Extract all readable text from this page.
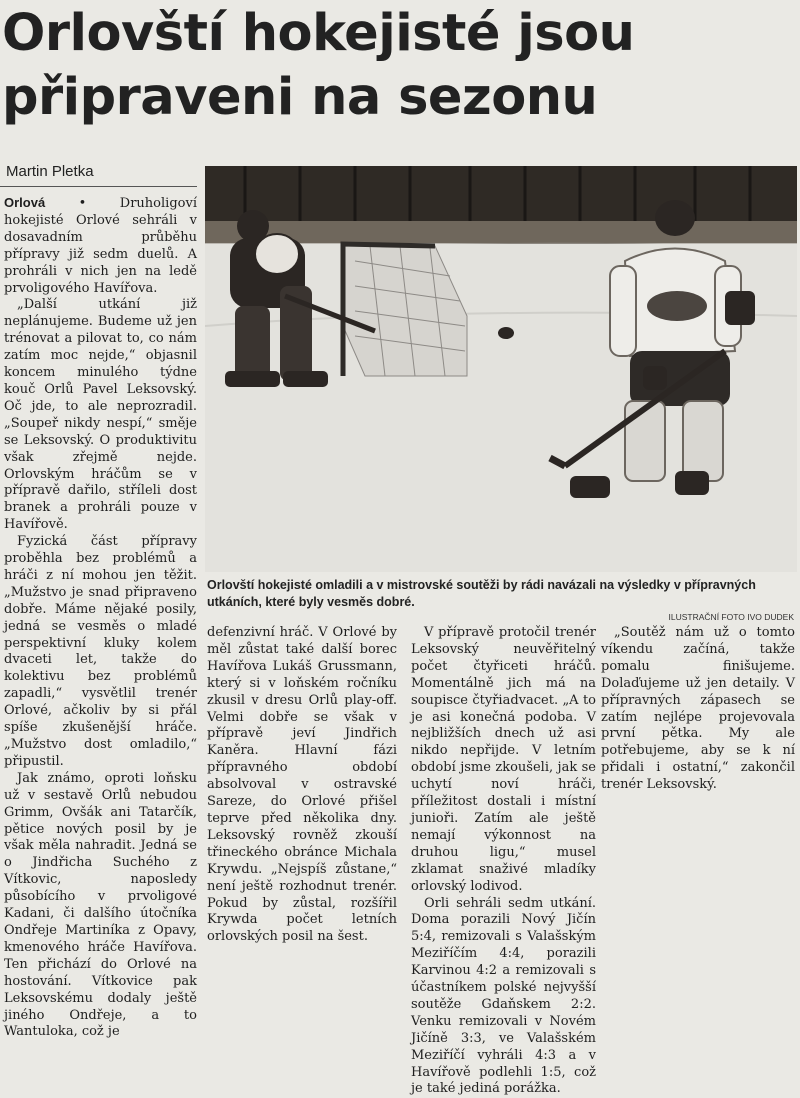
Orlovští hokejisté jsou připraveni na sezonu
Martin Pletka
Orlovští hokejisté omladili a v mistrovské soutěži by rádi navázali na výsledky v přípravných utkáních, které byly vesměs dobré.
ILUSTRAČNÍ FOTO IVO DUDEK

Orlová	•	Druholigoví hokejisté Orlové sehráli v dosavadním průběhu přípravy již sedm duelů. A prohráli v nich jen na ledě prvoligového Havířova.

„Další utkání již neplánujeme. Budeme už jen trénovat a pilovat to, co nám zatím moc nejde,“ objasnil koncem minulého týdne kouč Orlů Pavel Leksovský. Oč jde, to ale neprozradil. „Soupeř nikdy nespí,“ směje se Leksovský. O produktivitu však zřejmě nejde. Orlovským hráčům se v přípravě dařilo, stříleli dost branek a prohráli pouze v Havířově.

Fyzická část přípravy proběhla bez problémů a hráči z ní mohou jen těžit. „Mužstvo je snad připraveno dobře. Máme nějaké posily, jedná se vesměs o mladé perspektivní kluky kolem dvaceti let, takže do kolektivu bez problémů zapadli,“ vysvětlil trenér Orlové, ačkoliv by si přál spíše zkušenější hráče. „Mužstvo dost omladilo,“ připustil.

Jak známo, oproti loňsku už v sestavě Orlů nebudou Grimm, Ovšák ani Tatarčík, pětice nových posil by je však měla nahradit. Jedná se o Jindřicha Suchého z Vítkovic, naposledy působícího v prvoligové Kadani, či dalšího útočníka Ondřeje Martiníka z Opavy, kmenového hráče Havířova. Ten přichází do Orlové na hostování. Vítkovice pak Leksovskému dodaly ještě jiného Ondřeje, a to Wantuloka, což je

defenzivní hráč. V Orlové by měl zůstat také další borec Havířova Lukáš Grussmann, který si v loňském ročníku zkusil v dresu Orlů play-off. Velmi dobře se však v přípravě jeví Jindřich Kaněra. Hlavní fázi přípravného období absolvoval v ostravské Sareze, do Orlové přišel teprve před několika dny. Leksovský rovněž zkouší třineckého obránce Michala Krywdu. „Nejspíš zůstane,“ není ještě rozhodnut trenér. Pokud by zůstal, rozšířil Krywda počet letních orlovských posil na šest.

V přípravě protočil trenér Leksovský neuvěřitelný počet čtyřiceti hráčů. Momentálně jich má na soupisce čtyřiadvacet. „A to je asi konečná podoba. V nejbližších dnech už asi nikdo nepřijde. V letním období jsme zkoušeli, jak se uchytí noví hráči, příležitost dostali i místní junioři. Zatím ale ještě nemají výkonnost na druhou ligu,“ musel zklamat snaživé mladíky orlovský lodivod.

Orli sehráli sedm utkání. Doma porazili Nový Jičín 5:4, remizovali s Valašským Meziříčím 4:4, porazili Karvinou 4:2 a remizovali s účastníkem polské nejvyšší soutěže Gdaňskem 2:2. Venku remizovali v Novém Jičíně 3:3, ve Valašském Meziříčí vyhráli 4:3 a v Havířově podlehli 1:5, což je také jediná porážka.

„Soutěž nám už o tomto víkendu začíná, takže pomalu finišujeme. Dolaďujeme už jen detaily. V přípravných zápasech se zatím nejlépe projevovala první pětka. My ale potřebujeme, aby se k ní přidali i ostatní,“ zakončil trenér Leksovský.
